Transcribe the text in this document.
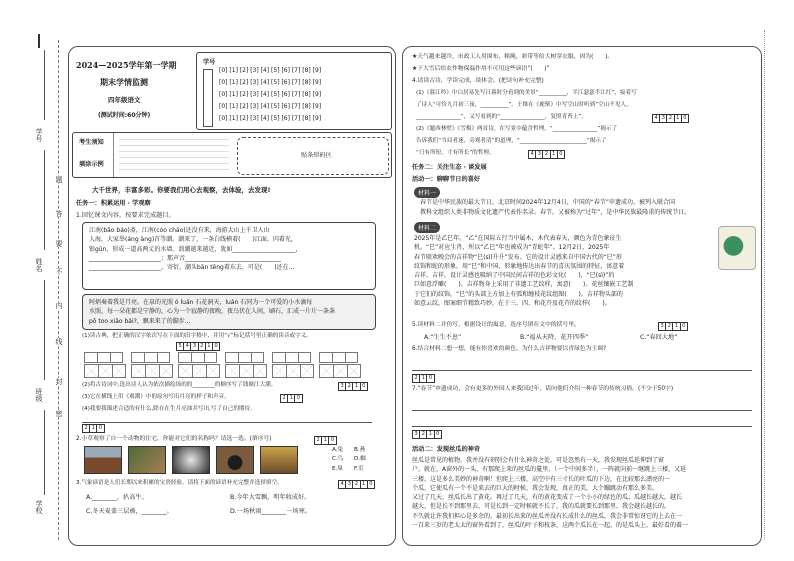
学号
姓名
班级
学校
题
答
要
不
内
线
封
密
2024—2025学年第一学期
期末学情监测
四年级语文
(测试时间:60分钟)
学号
[0] [1] [2] [3] [4] [5] [6] [7] [8] [9]
[0] [1] [2] [3] [4] [5] [6] [7] [8] [9]
[0] [1] [2] [3] [4] [5] [6] [7] [8] [9]
[0] [1] [2] [3] [4] [5] [6] [7] [8] [9]
[0] [1] [2] [3] [4] [5] [6] [7] [8] [9]
考生须知
填涂示例
贴条形码区
大千世界，丰富多彩。你要我们用心去观察，去体验，去发现!
任务一：积累运用 · 学观察
1.回忆课文内容，按要求完成题目。
江南(bǎo báo)斋，江南(cóo cháo)还没有来，海游大山上千卫人山
人海，大家举(áng àng)首等潮。潮来了，一条白线横着(　　)江面，闪着光，
银gūn，形成一道高两丈的水墙。浪潮越来越近，犹如_____________________，
________________________；那声音________________________________
________________________。寄衍，潮头bān tēng着东去，可是(　　)还在...
阿炳奏着我是月亮。在泉的光照 ó luán 石花洞天，luán 石同为一个可爱的小水滴每
水照，每一朵花都是宁静的，心为一个寂静的夜晚，夜乌伏在人间，刷石，汇成一片片一条条
pō too xiǎo bái?，飘来来了的脚步...
(1)读古典，把正确的汉字依次写在下面的田字格中，并用“√”标记括号里正确的读音或字义。
5 4 3 2 1 0
(2)将古诗词中,选出诗人认为依次描绘场的的________的顺序写了钱塘江大潮。	3 2 1 0
(3)它在横线上用《观潮》中的原句写出月亮的样子和声音。	2 1 0
(4)我要我描述合适的有什么,除在在生月亮油并写出,写了自己的期待。
2 1 0
2.小草观察了自一个动物的住宅，你能对它们的名称吗？请选一选。(填序号)	2 1 0
A.兔	B.燕
C.鸟	D.蜘
E.巢	F.室
3.气象谚语是人们长期以来积累的宝贵经验。请将下面的谚语补充完整并选择填空。	4 3 2 1 0
A.________，扒高牛。	B.今年大雪飘，明年收成好。
C.冬天麦盖三层被，________。	D.一场秋雨________一场寒。
★天气越来越冷，市政工人用围布，粗绳，彩带等给大树穿衣服，因为(　　)。
★下大雪后给农作物保温作用不可用这些谚语“(　　)”
4.请读古诗，学读完成，谈体会。(把诗句补充完整)
(1)《暮江吟》中白居易先写日暮时分看到的美景“__________，半江瑟瑟半江红”，接着写
了诗人“可怜九月初三夜，__________”。王维在《鹿柴》中写空山时听到“空山不见人，
________________”，又写看到的“________________，复照青苔上”。	4 3 2 1 0
(2)《题西林壁》《雪梅》两首诗，在写景中蕴含哲理。“________________”揭示了
告诉我们“当局者迷，旁观者清”的道理，“________________________”揭示了
“只有所短，寸有所长”的哲理。	4 3 2 1 0
任务二：关注生态 · 谈发展
活动一：聊聊节日的喜好
材料一
春节是中华民族的最大节日。北京时间2024年12月4日，中国的“春节”申遗成功，被列入联合国
教科文组织人类非物质文化遗产代表作名录。春节，又被称为“过年”，是中华民族最隆重的传统节日。
材料二
2025年是乙巳年。“乙”在国际五行当中属木，木代表春天，颜色为青色象征生
机。“巳”对应生肖，所以“乙巳”年也被成为“青蛇年”。12月2日，2025年
春节联欢晚会的吉祥物“巳(sì)升升”发布。它的设计灵感来自中国古代的“巳”形
纹饰和蛇的形象，用“巳”和中国，形象地传达出春节的喜庆氛围的特征，寓意着
吉祥、吉祥，设计灵感也吸纳了中国民间吉祥的色彩文化(　　)，“巳(sì)”的
巨如意浮雕(　　)。吉祥物身上采用了非遗工艺纹样，寓意(　　)。花丝镶嵌工艺制
于它们的纹饰，“巳”的头部上方加上有弧和缠枝花纹组图(　　)。吉祥物头部的
如意云纹，图案细节精致巧妙，在于三、四、和花卉及花卉的纹样(　　)。
5.读材料二并仿写，根据设计的寓意，选序号填在文中的括号里。	3 2 1 0
A.“生生不息”	B.“福从天降，花开四季”	C.“春回大地”
6.结合材料二想一想，能有你喜欢的颜色，为什么吉祥物要以青绿色为主调?
2 1 0
7.“春节”申遗成功，会有更多的外国人来我国过年，请向他们介绍一种春节的传统习俗。(不少于50字)
3 2 1 0
活动二：发现丝瓜的神奇
丝瓜是常见的植物，我并没有刻别会有什么神奇之处。可是忽然有一天，我发现丝瓜延伸到了窗
户，就在，A窗外的一头，有那爬上来的丝瓜的蔓里，（一个中间多半），一阵就向前一继跳上三楼，又延
三楼。这是多么美妙的神奇啊！但爬上三楼，高空中有三寸长的叶瓜的下边，在比较那么漂亮的一
个瓜，它使瓜有一个不是来去的巨大的时候，我会发现，真正的美，大个蹦跳动有那么多美。
又过了几天，丝瓜长出了黄花。再过了几天，有的黄花变成了一个小小的绿色的瓜。瓜越长越大，越长
越大，但是长不到那里去，可是长到一定时候就不长了，我的瓜就要长到那里，我会越长越长的。
不久就让许我们担心是多余的。最初长出来的丝瓜并没有长成什么的丝瓜，我会非常惊讶它的上去在一
一百来三岁的老太太的窗外看到了，丝瓜的叶子和枝条，这两个瓜长在一起，的是瓜头上，最好看的着一
